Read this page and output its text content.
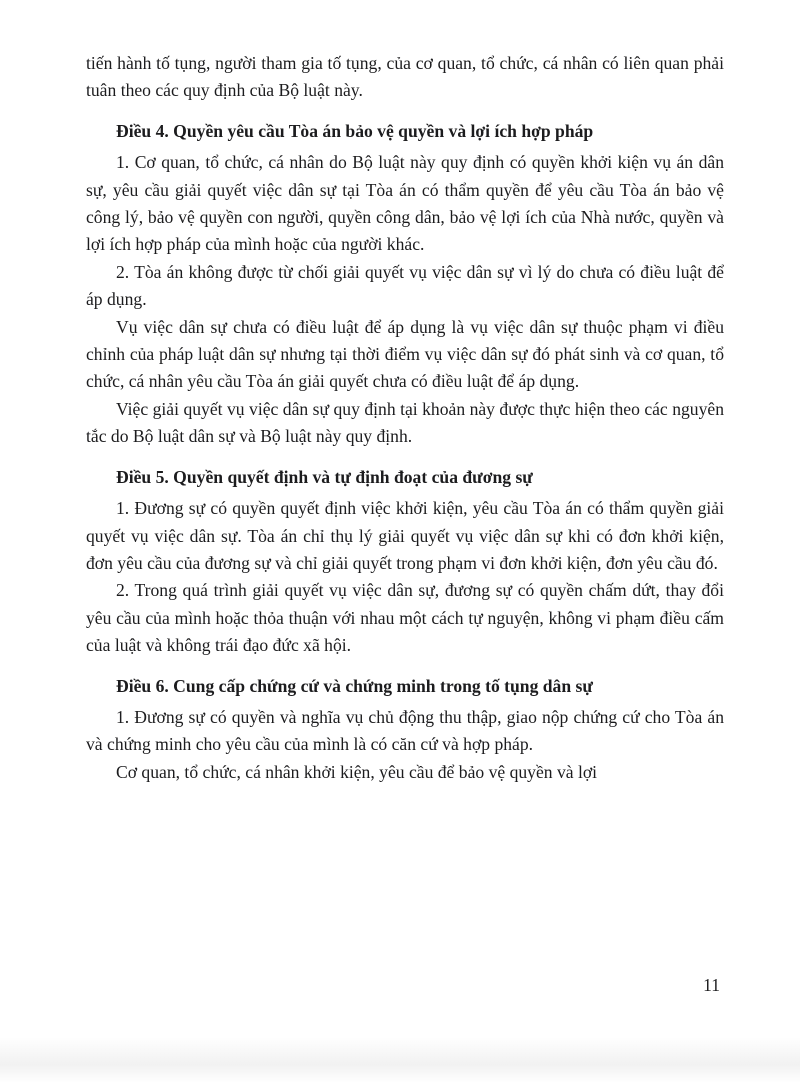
tiến hành tố tụng, người tham gia tố tụng, của cơ quan, tổ chức, cá nhân có liên quan phải tuân theo các quy định của Bộ luật này.

Điều 4. Quyền yêu cầu Tòa án bảo vệ quyền và lợi ích hợp pháp

1. Cơ quan, tổ chức, cá nhân do Bộ luật này quy định có quyền khởi kiện vụ án dân sự, yêu cầu giải quyết việc dân sự tại Tòa án có thẩm quyền để yêu cầu Tòa án bảo vệ công lý, bảo vệ quyền con người, quyền công dân, bảo vệ lợi ích của Nhà nước, quyền và lợi ích hợp pháp của mình hoặc của người khác.

2. Tòa án không được từ chối giải quyết vụ việc dân sự vì lý do chưa có điều luật để áp dụng.

Vụ việc dân sự chưa có điều luật để áp dụng là vụ việc dân sự thuộc phạm vi điều chỉnh của pháp luật dân sự nhưng tại thời điểm vụ việc dân sự đó phát sinh và cơ quan, tổ chức, cá nhân yêu cầu Tòa án giải quyết chưa có điều luật để áp dụng.

Việc giải quyết vụ việc dân sự quy định tại khoản này được thực hiện theo các nguyên tắc do Bộ luật dân sự và Bộ luật này quy định.

Điều 5. Quyền quyết định và tự định đoạt của đương sự

1. Đương sự có quyền quyết định việc khởi kiện, yêu cầu Tòa án có thẩm quyền giải quyết vụ việc dân sự. Tòa án chỉ thụ lý giải quyết vụ việc dân sự khi có đơn khởi kiện, đơn yêu cầu của đương sự và chỉ giải quyết trong phạm vi đơn khởi kiện, đơn yêu cầu đó.

2. Trong quá trình giải quyết vụ việc dân sự, đương sự có quyền chấm dứt, thay đổi yêu cầu của mình hoặc thỏa thuận với nhau một cách tự nguyện, không vi phạm điều cấm của luật và không trái đạo đức xã hội.

Điều 6. Cung cấp chứng cứ và chứng minh trong tố tụng dân sự

1. Đương sự có quyền và nghĩa vụ chủ động thu thập, giao nộp chứng cứ cho Tòa án và chứng minh cho yêu cầu của mình là có căn cứ và hợp pháp.

Cơ quan, tổ chức, cá nhân khởi kiện, yêu cầu để bảo vệ quyền và lợi

11
